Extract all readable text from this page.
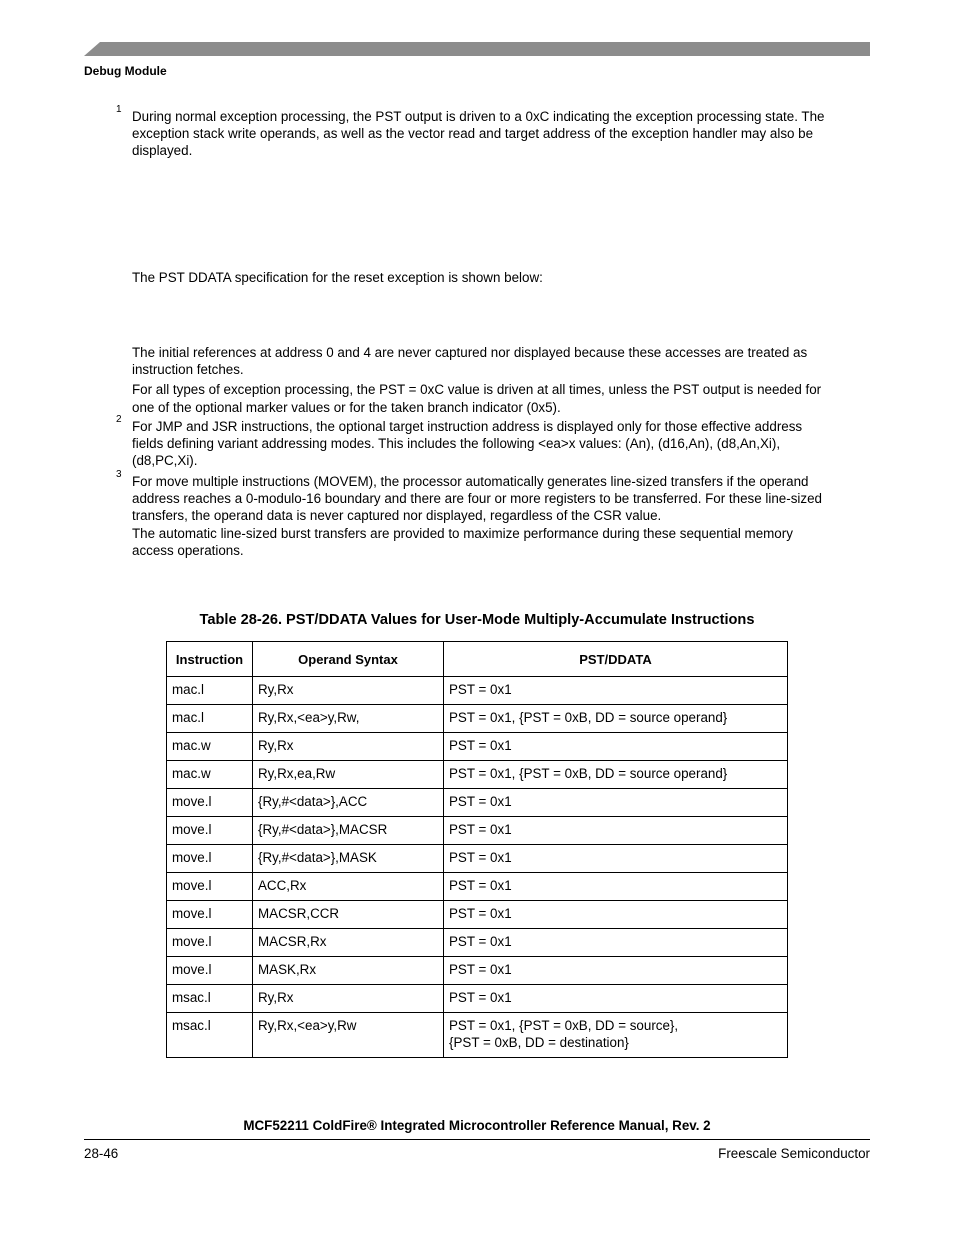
Debug Module
1 During normal exception processing, the PST output is driven to a 0xC indicating the exception processing state. The exception stack write operands, as well as the vector read and target address of the exception handler may also be displayed.

The PST DDATA specification for the reset exception is shown below:

The initial references at address 0 and 4 are never captured nor displayed because these accesses are treated as instruction fetches.

For all types of exception processing, the PST = 0xC value is driven at all times, unless the PST output is needed for one of the optional marker values or for the taken branch indicator (0x5).

2 For JMP and JSR instructions, the optional target instruction address is displayed only for those effective address fields defining variant addressing modes. This includes the following <ea>x values: (An), (d16,An), (d8,An,Xi), (d8,PC,Xi).

3 For move multiple instructions (MOVEM), the processor automatically generates line-sized transfers if the operand address reaches a 0-modulo-16 boundary and there are four or more registers to be transferred. For these line-sized transfers, the operand data is never captured nor displayed, regardless of the CSR value.

The automatic line-sized burst transfers are provided to maximize performance during these sequential memory access operations.

Table 28-26. PST/DDATA Values for User-Mode Multiply-Accumulate Instructions
Instruction	Operand Syntax	PST/DDATA
mac.l	Ry,Rx	PST = 0x1
mac.l	Ry,Rx,<ea>y,Rw,	PST = 0x1, {PST = 0xB, DD = source operand}
mac.w	Ry,Rx	PST = 0x1
mac.w	Ry,Rx,ea,Rw	PST = 0x1, {PST = 0xB, DD = source operand}
move.l	{Ry,#<data>},ACC	PST = 0x1
move.l	{Ry,#<data>},MACSR	PST = 0x1
move.l	{Ry,#<data>},MASK	PST = 0x1
move.l	ACC,Rx	PST = 0x1
move.l	MACSR,CCR	PST = 0x1
move.l	MACSR,Rx	PST = 0x1
move.l	MASK,Rx	PST = 0x1
msac.l	Ry,Rx	PST = 0x1
msac.l	Ry,Rx,<ea>y,Rw	PST = 0x1, {PST = 0xB, DD = source},
{PST = 0xB, DD = destination}
MCF52211 ColdFire® Integrated Microcontroller Reference Manual, Rev. 2
28-46	Freescale Semiconductor
